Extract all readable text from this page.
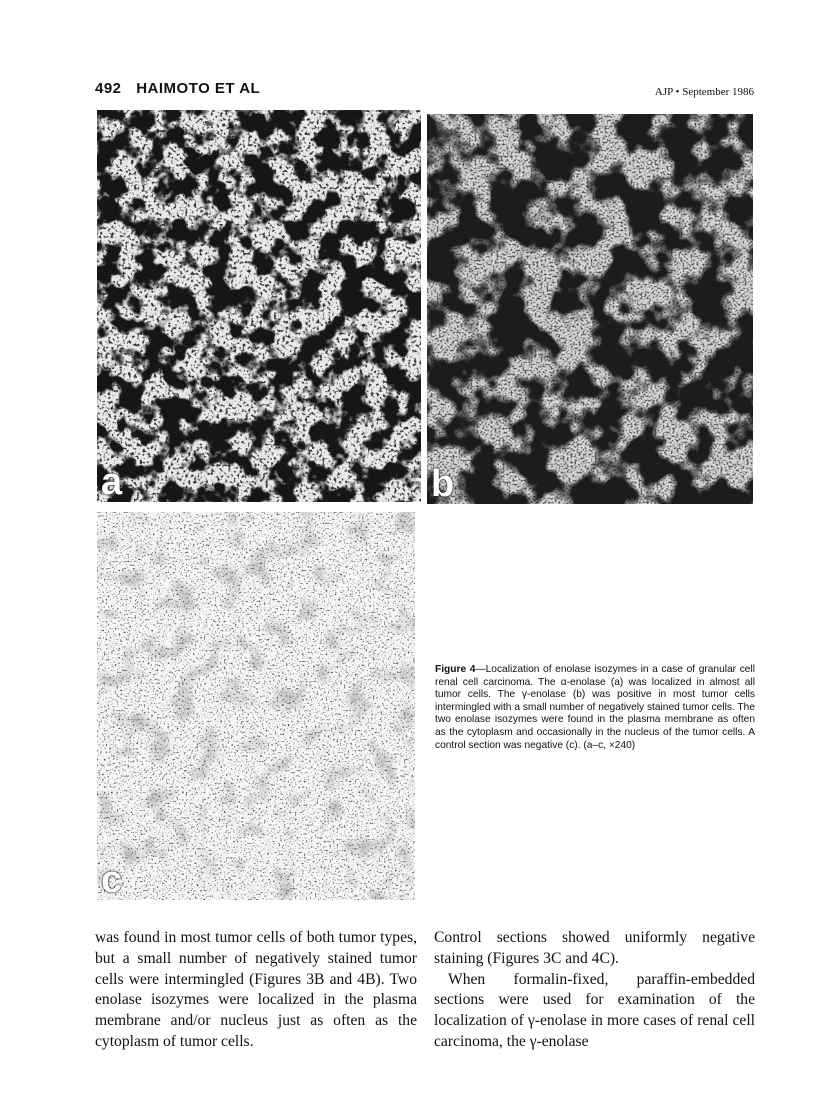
492 HAIMOTO ET AL	AJP • September 1986
a	b
c
Figure 4—Localization of enolase isozymes in a case of granular cell renal cell carcinoma. The α-enolase (a) was localized in almost all tumor cells. The γ-enolase (b) was positive in most tumor cells intermingled with a small number of negatively stained tumor cells. The two enolase isozymes were found in the plasma membrane as often as the cytoplasm and occasionally in the nucleus of the tumor cells. A control section was negative (c). (a–c, ×240)

was found in most tumor cells of both tumor types, but a small number of negatively stained tumor cells were intermingled (Figures 3B and 4B). Two enolase isozymes were localized in the plasma membrane and/or nucleus just as often as the cytoplasm of tumor cells.

Control sections showed uniformly negative staining (Figures 3C and 4C).

When formalin-fixed, paraffin-embedded sections were used for examination of the localization of γ-enolase in more cases of renal cell carcinoma, the γ-enolase
